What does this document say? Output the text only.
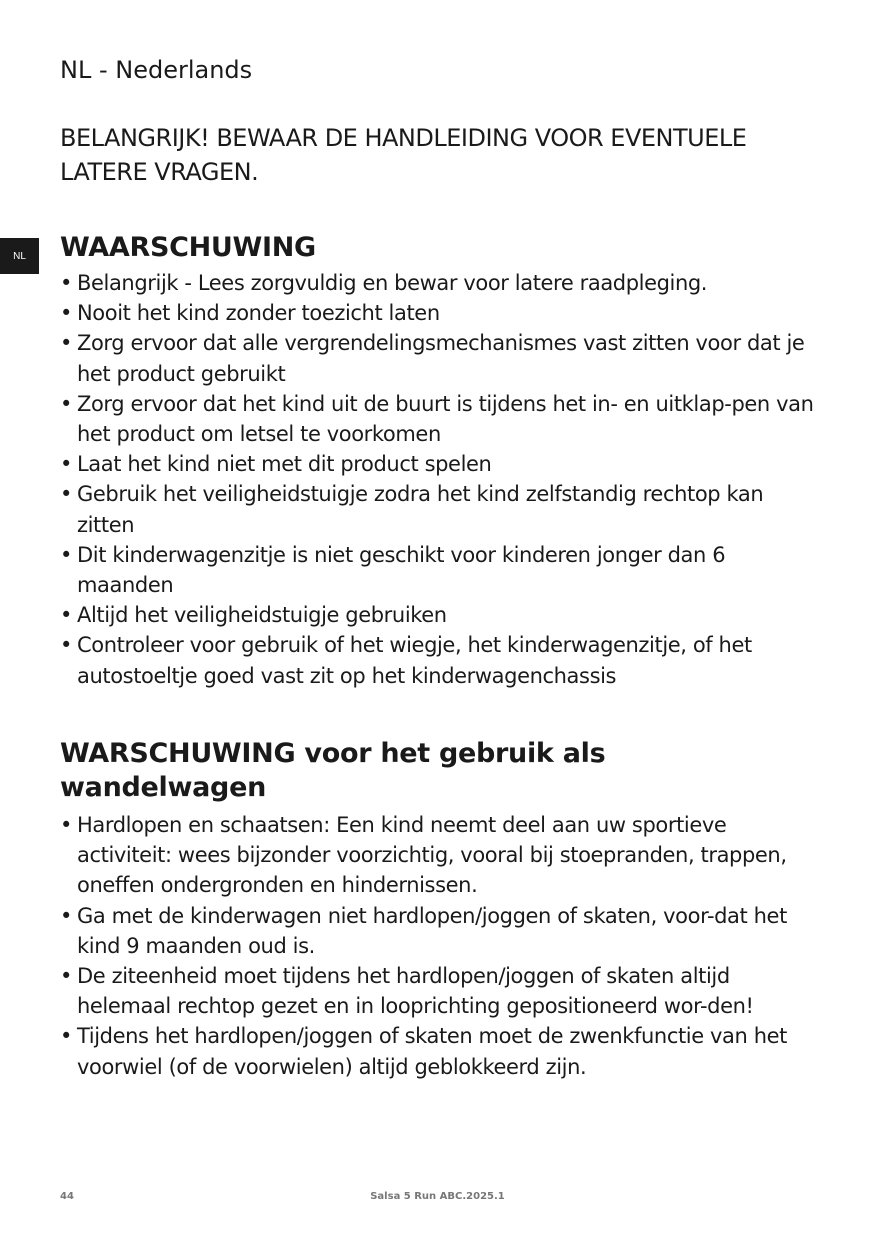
NL - Nederlands

BELANGRIJK! BEWAAR DE HANDLEIDING VOOR EVENTUELE LATERE VRAGEN.

NL WAARSCHUWING
• Belangrijk - Lees zorgvuldig en bewar voor latere raadpleging.
• Nooit het kind zonder toezicht laten
• Zorg ervoor dat alle vergrendelingsmechanismes vast zitten voor dat je het product gebruikt
• Zorg ervoor dat het kind uit de buurt is tijdens het in- en uitklap-pen van het product om letsel te voorkomen
• Laat het kind niet met dit product spelen
• Gebruik het veiligheidstuigje zodra het kind zelfstandig rechtop kan zitten
• Dit kinderwagenzitje is niet geschikt voor kinderen jonger dan 6 maanden
• Altijd het veiligheidstuigje gebruiken
• Controleer voor gebruik of het wiegje, het kinderwagenzitje, of het autostoeltje goed vast zit op het kinderwagenchassis
WARSCHUWING voor het gebruik als wandelwagen
• Hardlopen en schaatsen: Een kind neemt deel aan uw sportieve activiteit: wees bijzonder voorzichtig, vooral bij stoepranden, trappen, oneffen ondergronden en hindernissen.
• Ga met de kinderwagen niet hardlopen/joggen of skaten, voor-dat het kind 9 maanden oud is.
• De ziteenheid moet tijdens het hardlopen/joggen of skaten altijd helemaal rechtop gezet en in looprichting gepositioneerd wor-den!
• Tijdens het hardlopen/joggen of skaten moet de zwenkfunctie van het voorwiel (of de voorwielen) altijd geblokkeerd zijn.
44	Salsa 5 Run ABC.2025.1
